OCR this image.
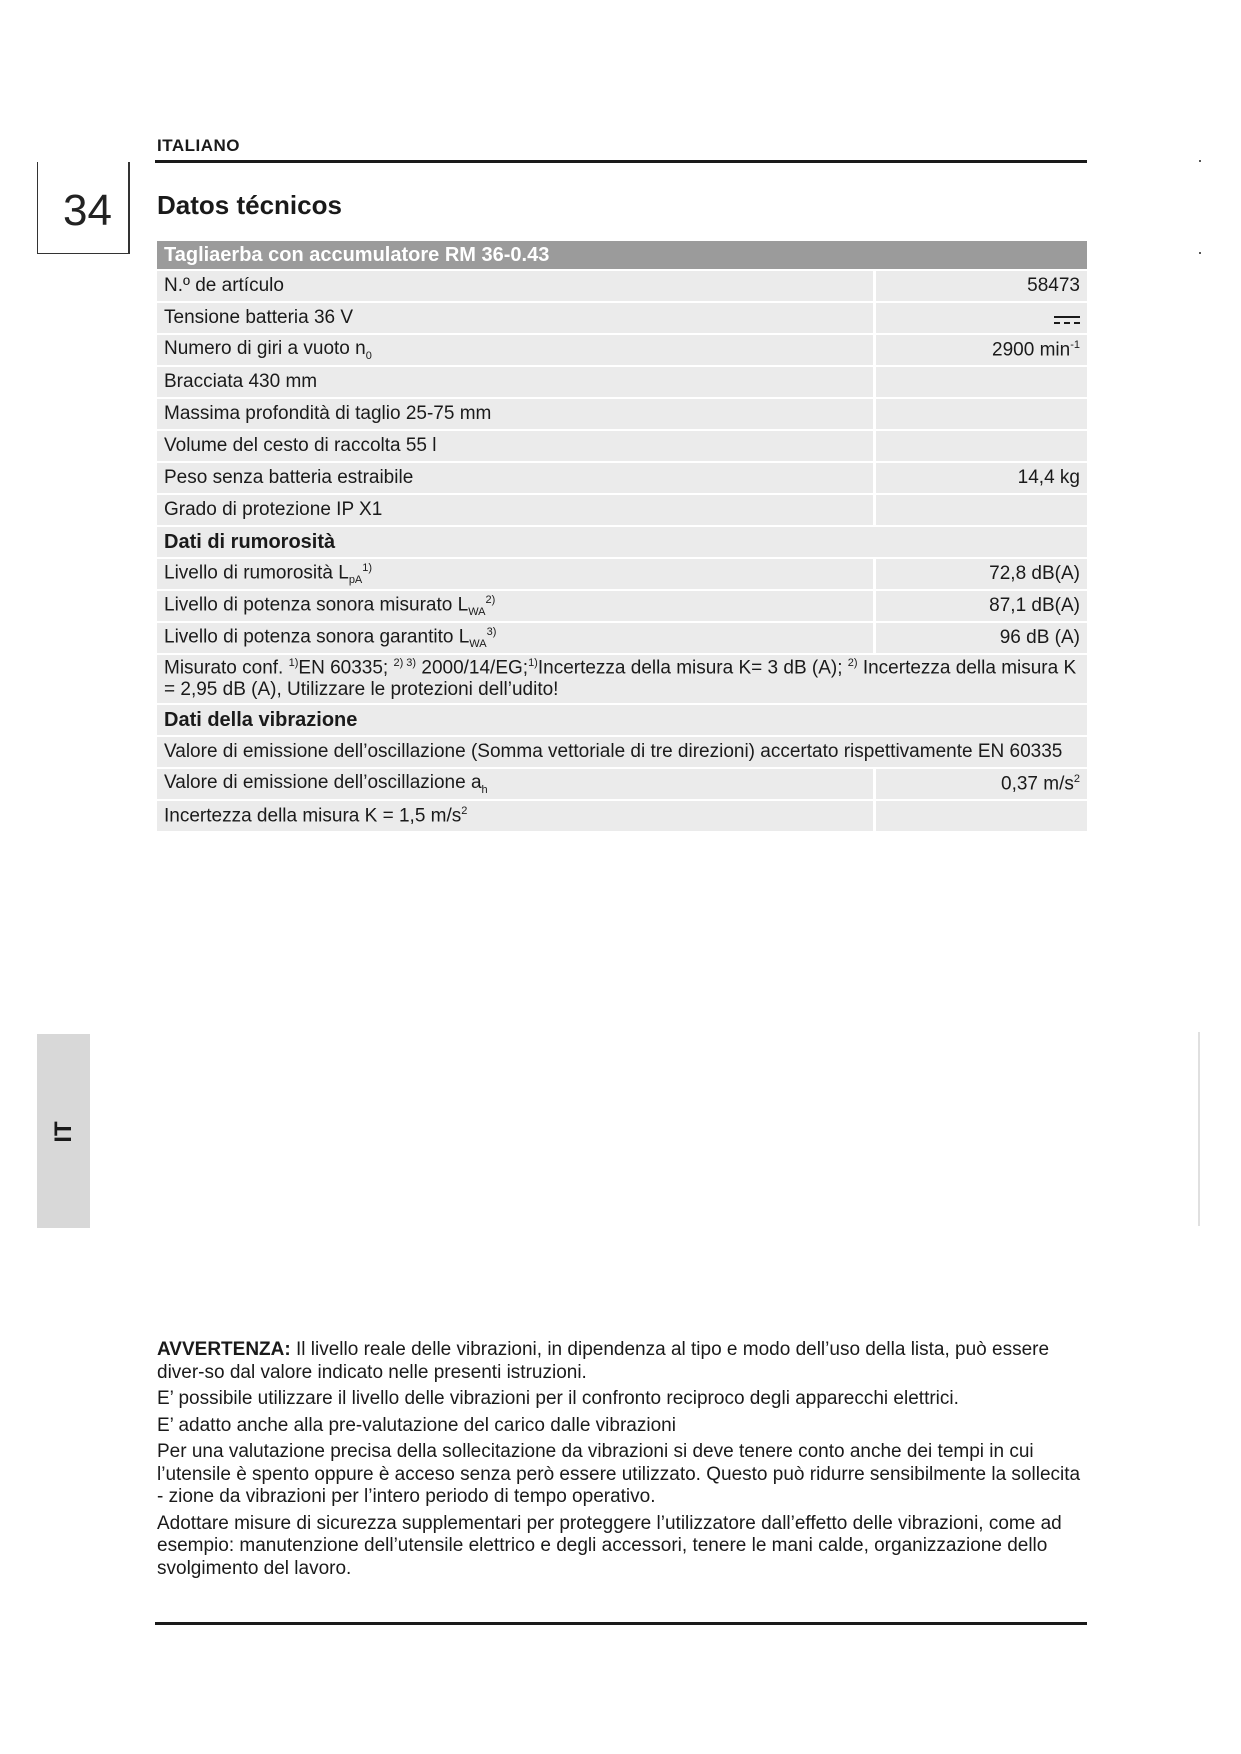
ITALIANO
34 Datos técnicos
Tagliaerba con accumulatore RM 36-0.43	
N.º de artículo	58473
Tensione batteria 36 V	

Numero di giri a vuoto $n_0$	2900 $\min^{-1}$
Bracciata 430 mm	
Massima profondità di taglio 25-75 mm	
Volume del cesto di raccolta 55 l	
Peso senza batteria estraibile	14,4 kg
Grado di protezione IP X1	
Dati di rumorosità	
Livello di rumorosità $L_{pA}^{1)}$	72,8 dB(A)
Livello di potenza sonora misurato $L_{WA}^{2)}$	87,1 dB(A)
Livello di potenza sonora garantito $L_{WA}^{3)}$	96 dB (A)
Misurato conf. $^{1)}$EN 60335; $^{2) 3)}$ 2000/14/EG;$^{1)}$Incertezza della misura K= 3 dB (A); $^{2)}$ Incertezza della misura K = 2,95 dB (A), Utilizzare le protezioni dell’udito!	
Dati della vibrazione	
Valore di emissione dell’oscillazione (Somma vettoriale di tre direzioni) accertato rispettivamente EN 60335	
Valore di emissione dell’oscillazione $a_h$	0,37 $m/s^2$
Incertezza della misura K = 1,5 $m/s^2$	
IT

AVVERTENZA: Il livello reale delle vibrazioni, in dipendenza al tipo e modo dell’uso della lista, può essere diver-so dal valore indicato nelle presenti istruzioni.

E’ possibile utilizzare il livello delle vibrazioni per il confronto reciproco degli apparecchi elettrici.

E’ adatto anche alla pre-valutazione del carico dalle vibrazioni

Per una valutazione precisa della sollecitazione da vibrazioni si deve tenere conto anche dei tempi in cui l’utensile è spento oppure è acceso senza però essere utilizzato. Questo può ridurre sensibilmente la sollecita - zione da vibrazioni per l’intero periodo di tempo operativo.

Adottare misure di sicurezza supplementari per proteggere l’utilizzatore dall’effetto delle vibrazioni, come ad esempio: manutenzione dell’utensile elettrico e degli accessori, tenere le mani calde, organizzazione dello svolgimento del lavoro.
